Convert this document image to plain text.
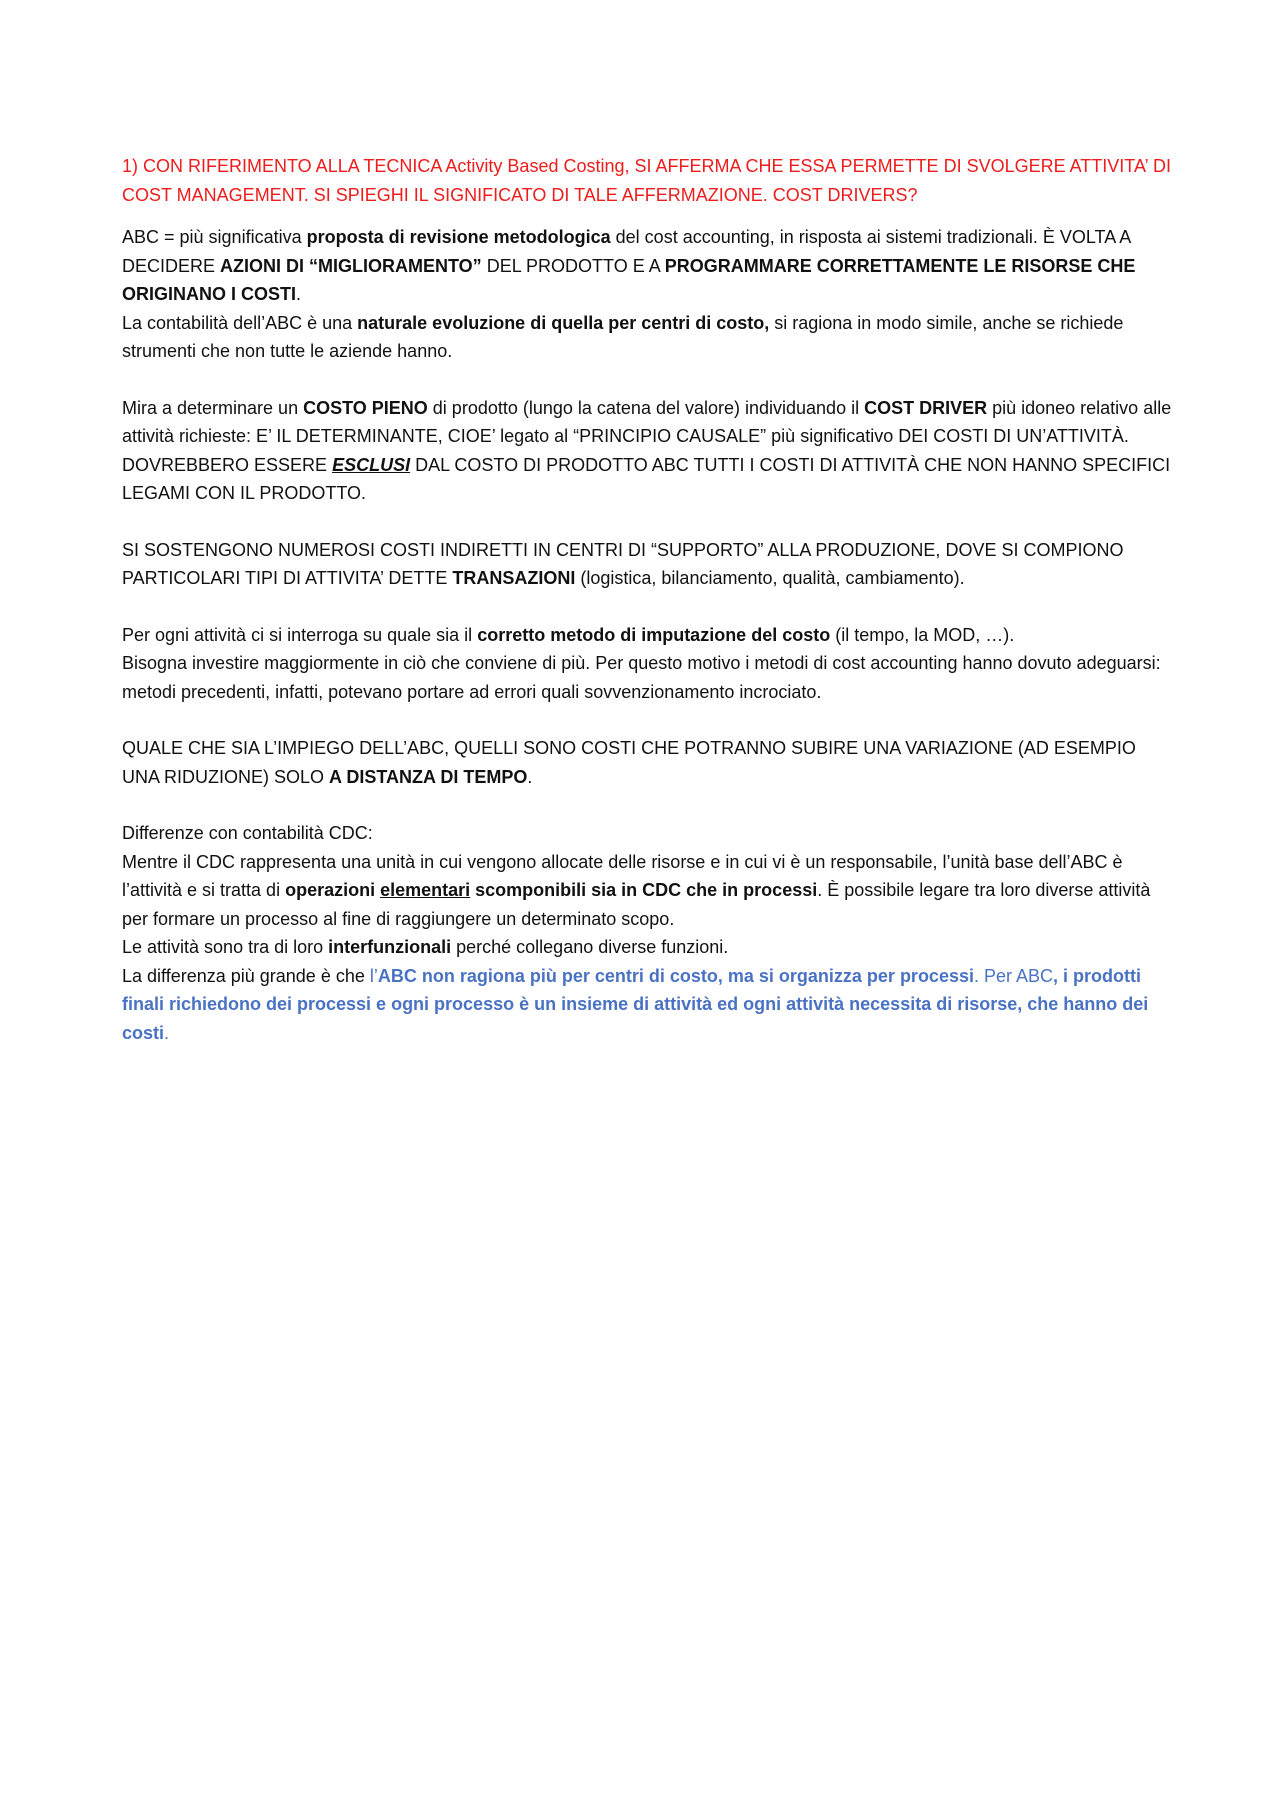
1) CON RIFERIMENTO ALLA TECNICA Activity Based Costing, SI AFFERMA CHE ESSA PERMETTE DI SVOLGERE ATTIVITA’ DI COST MANAGEMENT. SI SPIEGHI IL SIGNIFICATO DI TALE AFFERMAZIONE. COST DRIVERS?

ABC = più significativa proposta di revisione metodologica del cost accounting, in risposta ai sistemi tradizionali. È VOLTA A DECIDERE AZIONI DI “MIGLIORAMENTO” DEL PRODOTTO E A PROGRAMMARE CORRETTAMENTE LE RISORSE CHE ORIGINANO I COSTI.

La contabilità dell’ABC è una naturale evoluzione di quella per centri di costo, si ragiona in modo simile, anche se richiede strumenti che non tutte le aziende hanno.

Mira a determinare un COSTO PIENO di prodotto (lungo la catena del valore) individuando il COST DRIVER più idoneo relativo alle attività richieste: E’ IL DETERMINANTE, CIOE’ legato al “PRINCIPIO CAUSALE” più significativo DEI COSTI DI UN’ATTIVITÀ. DOVREBBERO ESSERE ESCLUSI DAL COSTO DI PRODOTTO ABC TUTTI I COSTI DI ATTIVITÀ CHE NON HANNO SPECIFICI LEGAMI CON IL PRODOTTO.

SI SOSTENGONO NUMEROSI COSTI INDIRETTI IN CENTRI DI “SUPPORTO” ALLA PRODUZIONE, DOVE SI COMPIONO PARTICOLARI TIPI DI ATTIVITA’ DETTE TRANSAZIONI (logistica, bilanciamento, qualità, cambiamento).

Per ogni attività ci si interroga su quale sia il corretto metodo di imputazione del costo (il tempo, la MOD, …).

Bisogna investire maggiormente in ciò che conviene di più. Per questo motivo i metodi di cost accounting hanno dovuto adeguarsi: metodi precedenti, infatti, potevano portare ad errori quali sovvenzionamento incrociato.

QUALE CHE SIA L’IMPIEGO DELL’ABC, QUELLI SONO COSTI CHE POTRANNO SUBIRE UNA VARIAZIONE (AD ESEMPIO UNA RIDUZIONE) SOLO A DISTANZA DI TEMPO.

Differenze con contabilità CDC:

Mentre il CDC rappresenta una unità in cui vengono allocate delle risorse e in cui vi è un responsabile, l’unità base dell’ABC è l’attività e si tratta di operazioni elementari scomponibili sia in CDC che in processi. È possibile legare tra loro diverse attività per formare un processo al fine di raggiungere un determinato scopo.

Le attività sono tra di loro interfunzionali perché collegano diverse funzioni.

La differenza più grande è che l’ABC non ragiona più per centri di costo, ma si organizza per processi. Per ABC, i prodotti finali richiedono dei processi e ogni processo è un insieme di attività ed ogni attività necessita di risorse, che hanno dei costi.
